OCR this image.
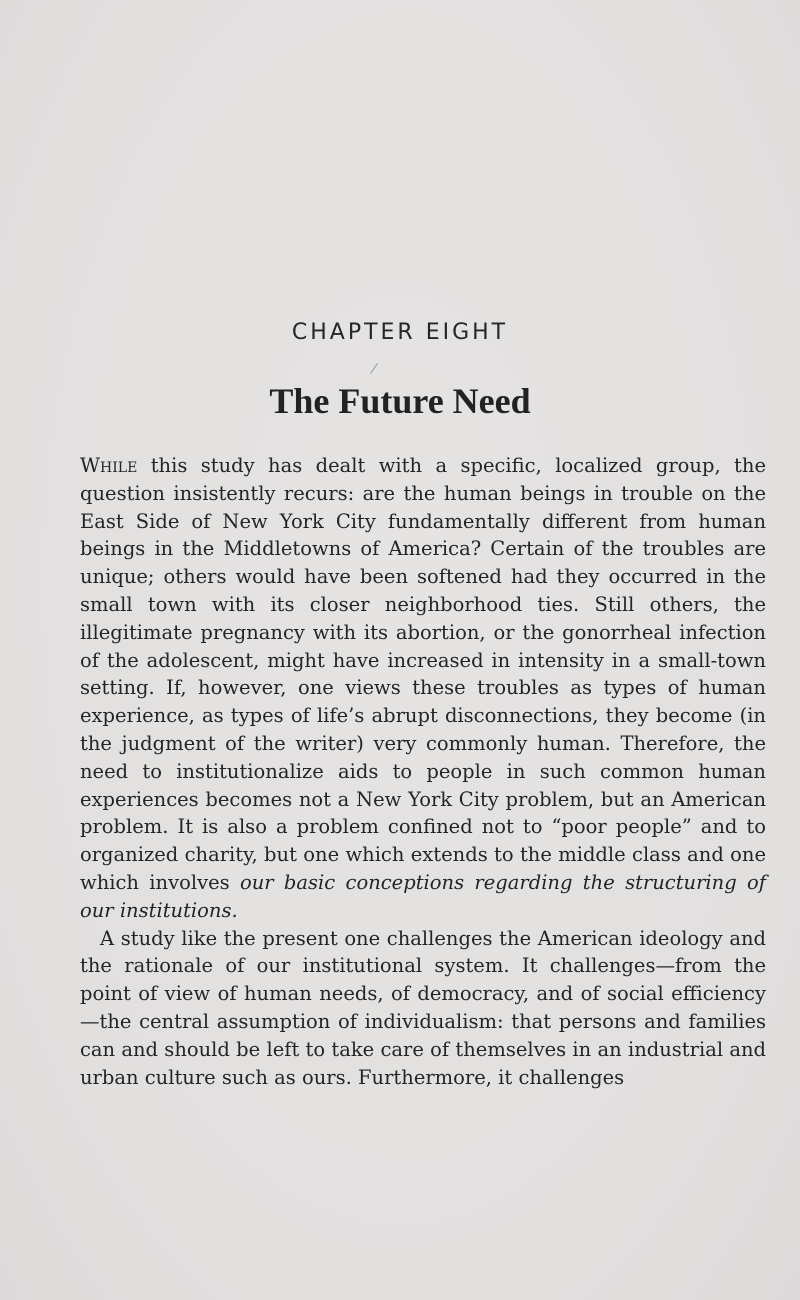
CHAPTER EIGHT
The Future Need

While this study has dealt with a specific, localized group, the question insistently recurs: are the human beings in trouble on the East Side of New York City fundamentally different from human beings in the Middletowns of America? Certain of the troubles are unique; others would have been softened had they occurred in the small town with its closer neighborhood ties. Still others, the illegitimate pregnancy with its abortion, or the gonorrheal infection of the adolescent, might have increased in intensity in a small-town setting. If, however, one views these troubles as types of human experience, as types of life’s abrupt disconnections, they become (in the judgment of the writer) very commonly human. Therefore, the need to institutionalize aids to people in such common human experiences becomes not a New York City problem, but an American problem. It is also a problem confined not to “poor people” and to organized charity, but one which extends to the middle class and one which involves our basic conceptions regarding the structuring of our institutions.

A study like the present one challenges the American ideology and the rationale of our institutional system. It challenges—from the point of view of human needs, of democracy, and of social efficiency—the central assumption of individualism: that persons and families can and should be left to take care of themselves in an industrial and urban culture such as ours. Furthermore, it challenges
